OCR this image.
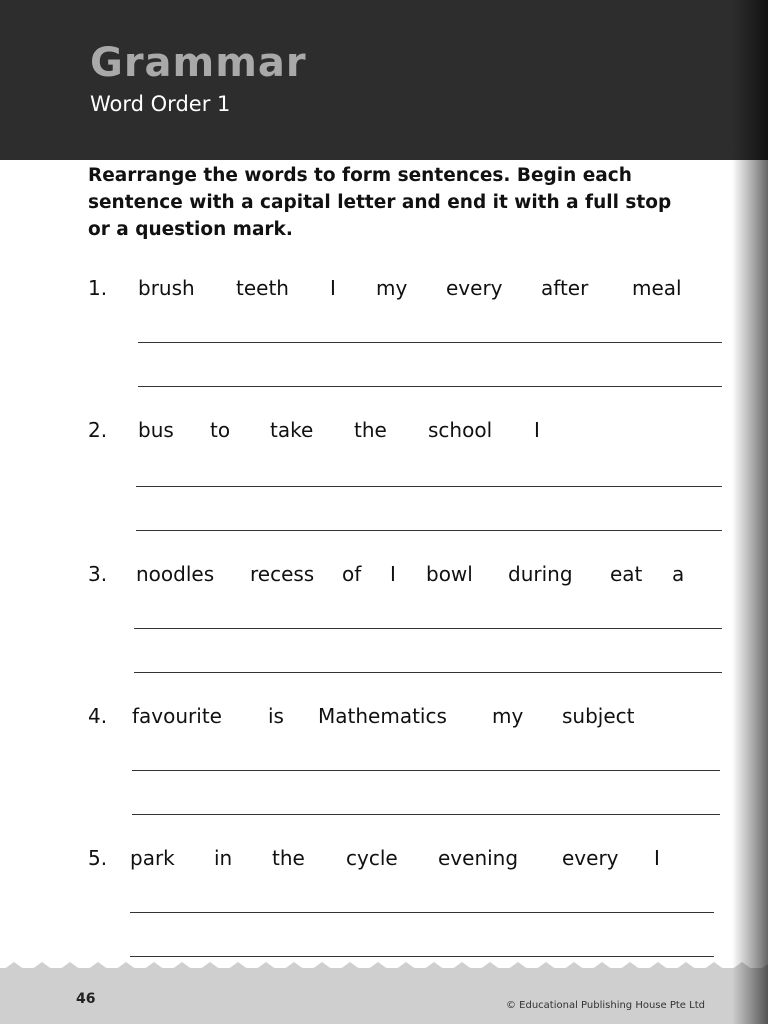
Grammar
Word Order 1
Rearrange the words to form sentences. Begin each
sentence with a capital letter and end it with a full stop
or a question mark.
1. brush teeth I my every after meal
2. bus to take the school I
3. noodles recess of I bowl during eat a
4. favourite is Mathematics my subject
5. park in the cycle evening every I
46	© Educational Publishing House Pte Ltd
